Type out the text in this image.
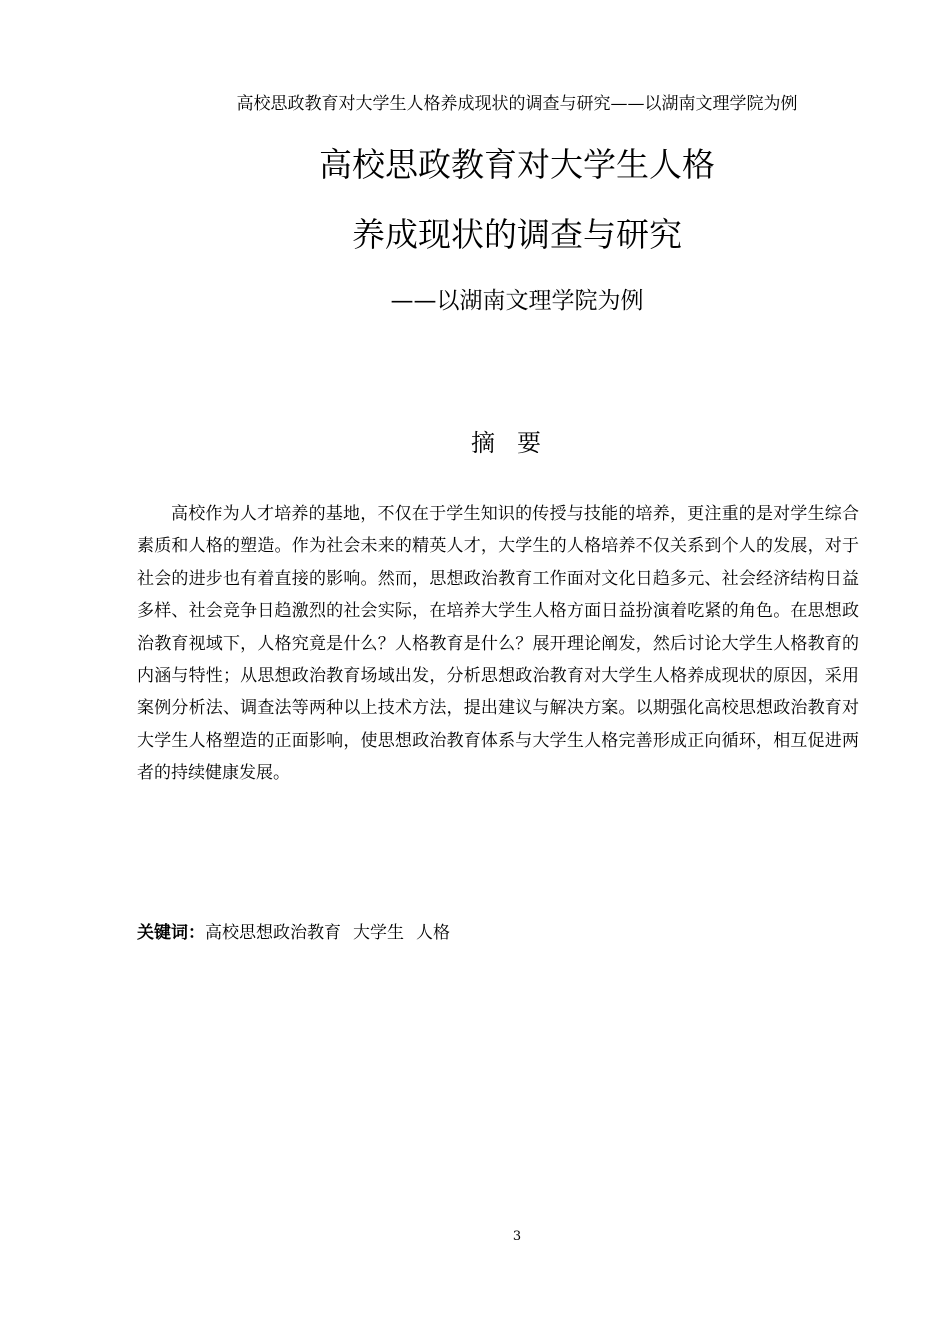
高校思政教育对大学生人格养成现状的调查与研究——以湖南文理学院为例
高校思政教育对大学生人格
养成现状的调查与研究
——以湖南文理学院为例
摘要

高校作为人才培养的基地，不仅在于学生知识的传授与技能的培养，更注重的是对学生综合素质和人格的塑造。作为社会未来的精英人才，大学生的人格培养不仅关系到个人的发展，对于社会的进步也有着直接的影响。然而，思想政治教育工作面对文化日趋多元、社会经济结构日益多样、社会竞争日趋激烈的社会实际，在培养大学生人格方面日益扮演着吃紧的角色。在思想政治教育视域下，人格究竟是什么？人格教育是什么？展开理论阐发，然后讨论大学生人格教育的内涵与特性；从思想政治教育场域出发，分析思想政治教育对大学生人格养成现状的原因，采用案例分析法、调查法等两种以上技术方法，提出建议与解决方案。以期强化高校思想政治教育对大学生人格塑造的正面影响，使思想政治教育体系与大学生人格完善形成正向循环，相互促进两者的持续健康发展。

关键词：高校思想政治教育 大学生 人格
3
